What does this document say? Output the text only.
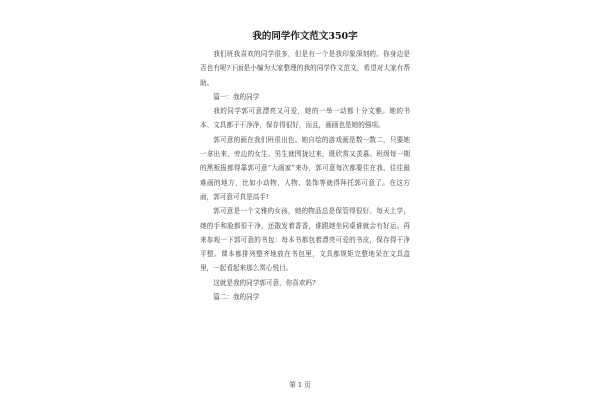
我的同学作文范文350字

我们班我喜欢的同学很多，但是有一个是我印象深刻的。你身边是否也有呢?下面是小编为大家整理的我的同学作文范文，希望对大家有帮助。

篇一：我的同学

我的同学郭可意漂亮又可爱，她的一举一动都十分文雅。她的书本、文具都干干净净，保存得很好，而且，画画也是她的强项。

郭可意的画在我们班很出色。她自绘的游戏画是数一数二，只要她一拿出来，旁边的女生、男生就围拢过来，既欣赏又羡慕。班级每一期的黑板报都得靠郭可意“大画家”来办，郭可意每次都要住在我，往往最难画的地方，比如小动物、人物、装饰等就得拜托郭可意了。在这方面，郭可意可真是高手!

郭可意是一个文雅的女孩，她的物品总是保管得很好。每天上学，她的手和脸都很干净，还散发着香香，谁跟她坐同桌谁就会有好运。再来参观一下郭可意的书包：每本书都包着漂亮可爱的书皮，保存得干净平整。课本都排列整齐地放在书包里，文具都规矩完整地呆在文具盒里，一起看起来那么赏心悦目。

这就是我的同学郭可意，你喜欢吗?

篇二：我的同学

第 1 页
